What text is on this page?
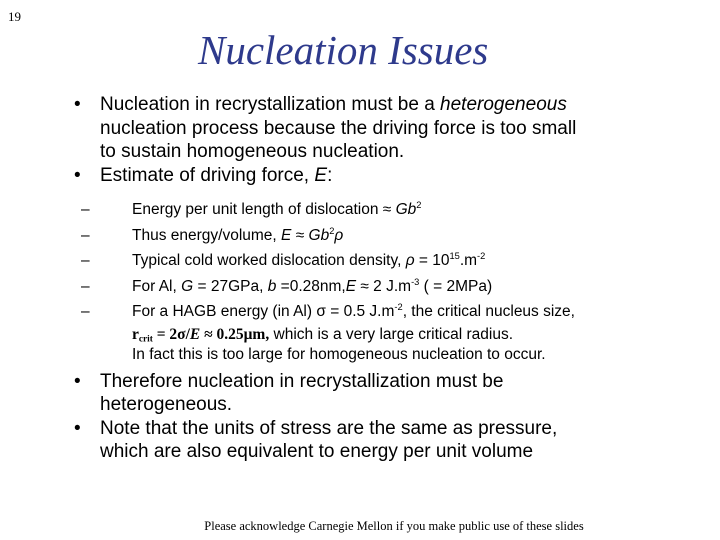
19
Nucleation Issues
• Nucleation in recrystallization must be a heterogeneous
nucleation process because the driving force is too small
to sustain homogeneous nucleation.
• Estimate of driving force, E:
–	Energy per unit length of dislocation ≈ $Gb^2$
–	Thus energy/volume, $E \approx Gb^2\rho$
–	Typical cold worked dislocation density, $\rho = 10^{15}.m^{-2}$
–	For Al, G = 27GPa, b =0.28nm,E ≈ 2 $J.m^{-3}$ ( = 2MPa)
–	For a HAGB energy (in Al) σ = 0.5 $J.m^{-2}$, the critical nucleus size,
$r_{crit} = 2\sigma/E \approx 0.25\mu m$, which is a very large critical radius.
In fact this is too large for homogeneous nucleation to occur.
• Therefore nucleation in recrystallization must be
heterogeneous.
• Note that the units of stress are the same as pressure,
which are also equivalent to energy per unit volume
Please acknowledge Carnegie Mellon if you make public use of these slides
